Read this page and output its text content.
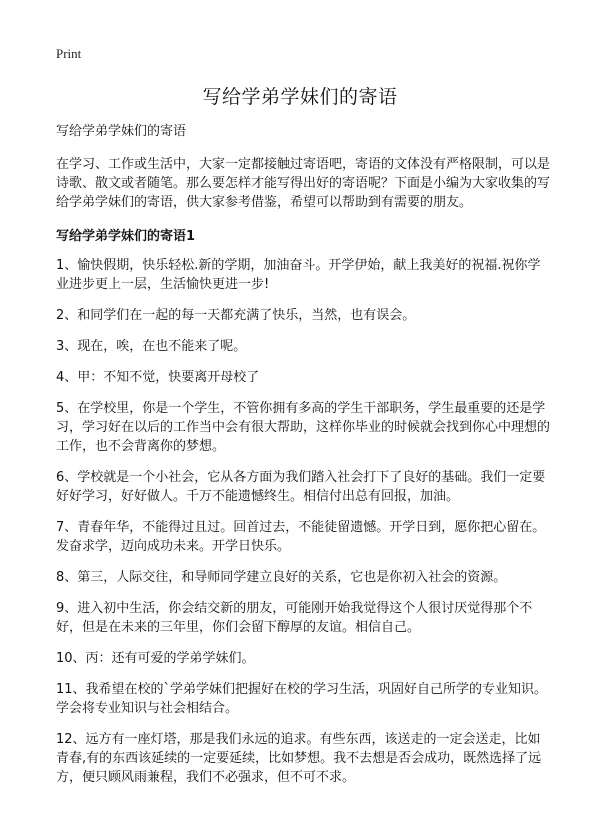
Print
写给学弟学妹们的寄语

写给学弟学妹们的寄语

在学习、工作或生活中，大家一定都接触过寄语吧，寄语的文体没有严格限制，可以是诗歌、散文或者随笔。那么要怎样才能写得出好的寄语呢？下面是小编为大家收集的写给学弟学妹们的寄语，供大家参考借鉴，希望可以帮助到有需要的朋友。

写给学弟学妹们的寄语1

1、愉快假期，快乐轻松.新的学期，加油奋斗。开学伊始，献上我美好的祝福.祝你学业进步更上一层，生活愉快更进一步!

2、和同学们在一起的每一天都充满了快乐，当然，也有误会。

3、现在，唉，在也不能来了呢。

4、甲：不知不觉，快要离开母校了

5、在学校里，你是一个学生，不管你拥有多高的学生干部职务，学生最重要的还是学习，学习好在以后的工作当中会有很大帮助，这样你毕业的时候就会找到你心中理想的工作，也不会背离你的梦想。

6、学校就是一个小社会，它从各方面为我们踏入社会打下了良好的基础。我们一定要好好学习，好好做人。千万不能遗憾终生。相信付出总有回报，加油。

7、青春年华，不能得过且过。回首过去，不能徒留遗憾。开学日到，愿你把心留在。发奋求学，迈向成功未来。开学日快乐。

8、第三，人际交往，和导师同学建立良好的关系，它也是你初入社会的资源。

9、进入初中生活，你会结交新的朋友，可能刚开始我觉得这个人很讨厌觉得那个不好，但是在未来的三年里，你们会留下醇厚的友谊。相信自己。

10、丙：还有可爱的学弟学妹们。

11、我希望在校的`学弟学妹们把握好在校的学习生活，巩固好自己所学的专业知识。学会将专业知识与社会相结合。

12、远方有一座灯塔，那是我们永远的追求。有些东西，该送走的一定会送走，比如青春,有的东西该延续的一定要延续，比如梦想。我不去想是否会成功，既然选择了远方，便只顾风雨兼程，我们不必强求，但不可不求。
